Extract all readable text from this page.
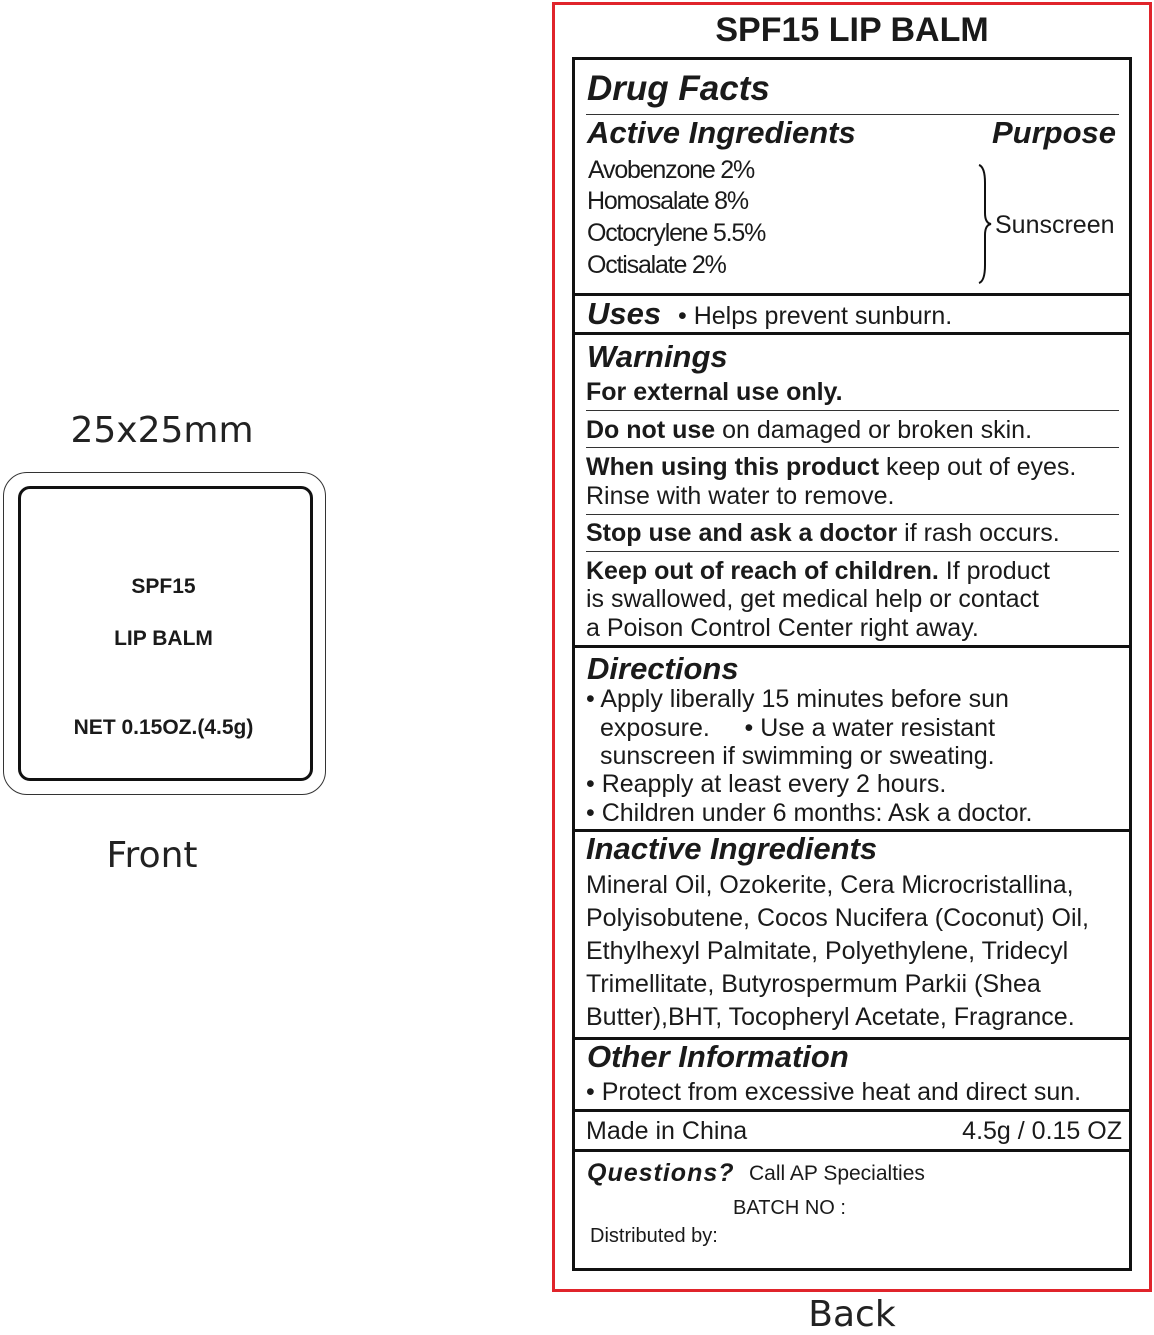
25x25mm
SPF15
LIP BALM
NET 0.15OZ.(4.5g)
Front
SPF15 LIP BALM
Drug Facts
Active Ingredients	Purpose
Avobenzone 2%
Homosalate 8%
Octocrylene 5.5%
Octisalate 2%
Sunscreen
Uses • Helps prevent sunburn.
Warnings
For external use only.
Do not use on damaged or broken skin.
When using this product keep out of eyes.
Rinse with water to remove.
Stop use and ask a doctor if rash occurs.
Keep out of reach of children. If product
is swallowed, get medical help or contact
a Poison Control Center right away.
Directions
• Apply liberally 15 minutes before sun
exposure.     • Use a water resistant
sunscreen if swimming or sweating.
• Reapply at least every 2 hours.
• Children under 6 months: Ask a doctor.
Inactive Ingredients
Mineral Oil, Ozokerite, Cera Microcristallina,
Polyisobutene, Cocos Nucifera (Coconut) Oil,
Ethylhexyl Palmitate, Polyethylene, Tridecyl
Trimellitate, Butyrospermum Parkii (Shea
Butter),BHT, Tocopheryl Acetate, Fragrance.
Other Information
• Protect from excessive heat and direct sun.
Made in China	4.5g / 0.15 OZ
Questions? Call AP Specialties
BATCH NO :
Distributed by:
Back
